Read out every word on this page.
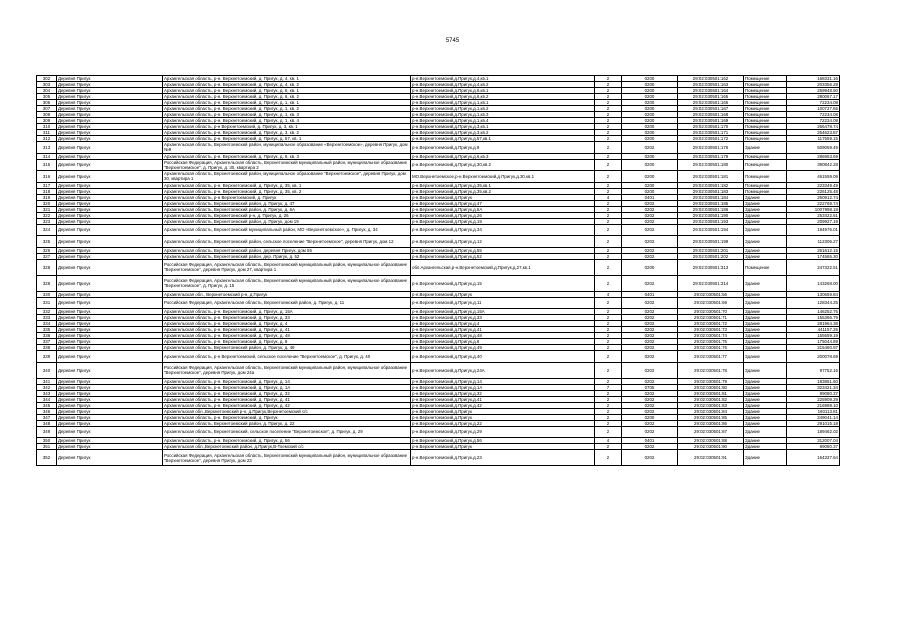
5745
302	Деревня Пригук	Архангельская область, р-н. Верхнетоемский, д. Пригук, д. 4, кв. 1	р-н.Верхнетоемский,д.Пригук,д.4,кв.1	2	0200	29:02:030501:162	Помещение	168331.16
303	Деревня Пригук	Архангельская область, р-н. Верхнетоемский, д. Пригук, д. 4, кв. 2	р-н.Верхнетоемский,д.Пригук,д.4,кв.2	2	0200	29:02:030501:163	Помещение	203356.28
304	Деревня Пригук	Архангельская область, р-н. Верхнетоемский, д. Пригук, д. 6, кв. 1	р-н.Верхнетоемский,д.Пригук,д.6,кв.1	2	0200	29:02:030501:164	Помещение	259948.50
305	Деревня Пригук	Архангельская область, р-н. Верхнетоемский, д. Пригук, д. 6, кв. 2	р-н.Верхнетоемский,д.Пригук,д.6,кв.2	2	0200	29:02:030501:165	Помещение	280067.17
306	Деревня Пригук	Архангельская область, р-н. Верхнетоемский, д. Пригук, д. 1, кв. 1	р-н.Верхнетоемский,д.Пригук,д.1,кв.1	2	0200	29:02:030501:166	Помещение	72234.08
307	Деревня Пригук	Архангельская область, р-н. Верхнетоемский, д. Пригук, д. 1, кв. 2	р-н.Верхнетоемский,д.Пригук,д.1,кв.2	2	0200	29:02:030501:167	Помещение	100727.65
308	Деревня Пригук	Архангельская область, р-н. Верхнетоемский, д. Пригук, д. 1, кв. 3	р-н.Верхнетоемский,д.Пригук,д.1,кв.3	2	0200	29:02:030501:168	Помещение	72234.08
309	Деревня Пригук	Архангельская область, р-н. Верхнетоемский, д. Пригук, д. 1, кв. 4	р-н.Верхнетоемский,д.Пригук,д.1,кв.4	2	0200	29:02:030501:169	Помещение	72234.08
310	Деревня Пригук	Архангельская область, р-н Верхнетоемский, д. Пригук, д. 3, кв. 1	р-н.Верхнетоемский,д.Пригук,д.3,кв.1	2	0200	29:02:030501:170	Помещение	266478.74
311	Деревня Пригук	Архангельская область, р-н. Верхнетоемский, д. Пригук, д. 3, кв. 2	р-н.Верхнетоемский,д.Пригук,д.3,кв.2	2	0200	29:02:030501:171	Помещение	264623.87
312	Деревня Пригук	Архангельская область, р-н. Верхнетоемский, д. Пригук, д. 57, кв. 1	р-н.Верхнетоемский,д.Пригук,д.57,кв.1	2	0200	29:02:030501:172	Помещение	117559.15
313	Деревня Пригук	Архангельская область, Верхнетоемский район, муниципальное образование «Верхнетоемское», деревня Пригук, дом №9	р-н.Верхнетоемский,д.Пригук,д.9	2	0202	29:02:030501:176	Здание	509059.49
314	Деревня Пригук	Архангельская область, р-н. Верхнетоемский, д. Пригук, д. 6, кв. 3	р-н.Верхнетоемский,д.Пригук,д.6,кв.3	2	0200	29:02:030501:179	Помещение	286953.69
315	Деревня Пригук	Российская Федерация, Архангельская область, Верхнетоемский муниципальный район, муниципальное образование "Верхнетоемское", д. Пригук, д. 30, квартира 2	р-н.Верхнетоемский,д.Пригук,д.30,кв.2	2	0200	29:02:030501:180	Помещение	390842.28
316	Деревня Пригук	Архангельская область, Верхнетоемский район, муниципальное образование "Верхнетоемское", деревня Пригук, дом 30, квартира 1	МО.Верхнетоемское,р-н.Верхнетоемский,д.Пригук,д.30,кв.1	2	0200	29:02:030501:181	Помещение	461559.09
317	Деревня Пригук	Архангельская область, р-н. Верхнетоемский, д. Пригук, д. 35, кв. 1	р-н.Верхнетоемский,д.Пригук,д.35,кв.1	2	0200	29:02:030501:182	Помещение	223349.49
318	Деревня Пригук	Архангельская область, р-н. Верхнетоемский, д. Пригук, д. 35, кв. 2	р-н.Верхнетоемский,д.Пригук,д.35,кв.2	2	0200	29:02:030501:183	Помещение	226125.48
319	Деревня Пригук	Архангельская область, р-н Верхнетоемский, д. Пригук	р-н.Верхнетоемский,д.Пригук	4	0401	29:02:030501:184	Здание	260912.74
320	Деревня Пригук	Архангельская область, Верхнетоемский район, д. Пригук, д. 47	р-н.Верхнетоемский,д.Пригук,д.47	2	0202	29:02:030501:185	Здание	222769.74
321	Деревня Пригук	Архангельская область, Верхнетоемский район, д. Пригук, д. 6А	р-н.Верхнетоемский,д.Пригук,д.6А	2	0202	29:02:030501:186	Здание	1007998.18
322	Деревня Пригук	Архангельская область, Верхнетоемский р-н, д. Пригук, д. 26	р-н.Верхнетоемский,д.Пригук,д.26	2	0202	29:02:030501:190	Здание	253422.61
323	Деревня Пригук	Архангельская область, Верхнетоемский район, д. Пригук, дом 19	р-н.Верхнетоемский,д.Пригук,д.19	2	0202	29:02:030501:193	Здание	209927.19
324	Деревня Пригук	Архангельская область, Верхнетоемский муниципальный район, МО «Верхнетоемское», д. Пригук, д. 34	р-н.Верхнетоемский,д.Пригук,д.34	2	0202	29:02:030501:194	Здание	194976.01
325	Деревня Пригук	Архангельская область, Верхнетоемский район, сельское поселение "Верхнетоемское", деревня Пригук, дом 12	р-н.Верхнетоемский,д.Пригук,д.12	2	0202	29:02:030501:199	Здание	112306.27
326	Деревня Пригук	Архангельская область, Верхнетоемский район, деревня Пригук, дом 55	р-н.Верхнетоемский,д.Пригук,д.55	2	0202	29:02:030501:201	Здание	261612.15
327	Деревня Пригук	Архангельская область, Верхнетоемский район, дер. Пригук, д. 52	р-н.Верхнетоемский,д.Пригук,д.52	2	0202	29:02:030501:202	Здание	174565.30
328	Деревня Пригук	Российская Федерация, Архангельская область, Верхнетоемский муниципальный район, муниципальное образование "Верхнетоемское", деревня Пригук, дом 27, квартира 1	обл.Архангельская,р-н.Верхнетоемский,д.Пригук,д.27,кв.1	2	0200	29:02:030501:313	Помещение	247322.51
329	Деревня Пригук	Российская Федерация, Архангельская область, Верхнетоемский муниципальный район, муниципальное образование "Верхнетоемское", д. Пригук, д. 15	р-н.Верхнетоемский,д.Пригук,д.15	2	0202	29:02:030501:314	Здание	143268.00
330	Деревня Пригук	Архангельская обл., Верхнетоемский р-н, д.Пригук	р-н.Верхнетоемский,д.Пригук	4	0401	29:02:030501:56	Здание	130659.84
331	Деревня Пригук	Российская Федерация, Архангельская область, Верхнетоемский район, д. Пригук, д. 11	р-н.Верхнетоемский,д.Пригук,д.11	2	0202	29:02:030501:69	Здание	128344.25
332	Деревня Пригук	Архангельская область, р-н. Верхнетоемский, д. Пригук, д. 15А	р-н.Верхнетоемский,д.Пригук,д.15А	2	0202	29:02:030501:70	Здание	146252.75
333	Деревня Пригук	Архангельская область, р-н. Верхнетоемский, д. Пригук, д. 33	р-н.Верхнетоемский,д.Пригук,д.33	2	0202	29:02:030501:71	Здание	155366.79
334	Деревня Пригук	Архангельская область, р-н. Верхнетоемский, д. Пригук, д. 4	р-н.Верхнетоемский,д.Пригук,д.4	2	0202	29:02:030501:72	Здание	281964.38
335	Деревня Пригук	Архангельская область, р-н. Верхнетоемский, д. Пригук, д. 41	р-н.Верхнетоемский,д.Пригук,д.41	2	0202	29:02:030501:73	Здание	441157.25
336	Деревня Пригук	Архангельская область, р-н. Верхнетоемский, д. Пригук, д. 48	р-н.Верхнетоемский,д.Пригук,д.48	2	0202	29:02:030501:74	Здание	155659.19
337	Деревня Пригук	Архангельская область, р-н. Верхнетоемский, д. Пригук, д. 8	р-н.Верхнетоемский,д.Пригук,д.8	2	0202	29:02:030501:75	Здание	175044.89
338	Деревня Пригук	Архангельская область, Верхнетоемский район, д. Пригук, д. 49	р-н.Верхнетоемский,д.Пригук,д.49	2	0202	29:02:030501:76	Здание	215460.97
339	Деревня Пригук	Архангельская область, р-н Верхнетоемский, сельское поселение "Верхнетоемское", д. Пригук, д. 40	р-н.Верхнетоемский,д.Пригук,д.40	2	0202	29:02:030501:77	Здание	200078.69
340	Деревня Пригук	Российская Федерация, Архангельская область, Верхнетоемский муниципальный район, муниципальное образование "Верхнетоемское", деревня Пригук, дом 24а	р-н.Верхнетоемский,д.Пригук,д.24А	2	0202	29:02:030501:78	Здание	97752.16
341	Деревня Пригук	Архангельская область, р-н. Верхнетоемский, д. Пригук, д. 14	р-н.Верхнетоемский,д.Пригук,д.14	2	0202	29:02:030501:79	Здание	183851.60
342	Деревня Пригук	Архангельская область, р-н. Верхнетоемский, д. Пригук, д. 1А	р-н.Верхнетоемский,д.Пригук,д.1А	7	0705	29:02:030501:80	Здание	323421.34
343	Деревня Пригук	Архангельская область, р-н. Верхнетоемский, д. Пригук, д. 32	р-н.Верхнетоемский,д.Пригук,д.32	2	0202	29:02:030501:81	Здание	89080.37
344	Деревня Пригук	Архангельская область, р-н. Верхнетоемский, д. Пригук, д. 41	р-н.Верхнетоемский,д.Пригук,д.41	2	0202	29:02:030501:82	Здание	225909.29
345	Деревня Пригук	Архангельская область, р-н. Верхнетоемский, д. Пригук, д. 42	р-н.Верхнетоемский,д.Пригук,д.42	2	0202	29:02:030501:83	Здание	216998.10
346	Деревня Пригук	Архангельская обл.,Верхнетоемский р-н, д.Пригук,Верхнетоемский с/с	р-н.Верхнетоемский,д.Пригук	2	0202	29:02:030501:84	Здание	160113.81
347	Деревня Пригук	Архангельская область, р-н. Верхнетоемский, д. Пригук	р-н.Верхнетоемский,д.Пригук	2	0200	29:02:030501:85	Здание	249041.14
348	Деревня Пригук	Архангельская область, Верхнетоемский район, д. Пригук, д. 22	р-н.Верхнетоемский,д.Пригук,д.22	2	0202	29:02:030501:86	Здание	291015.18
349	Деревня Пригук	Архангельская область, Верхнетоемский, сельское поселение "Верхнетоемское", д. Пригук, д. 29	р-н.Верхнетоемский,д.Пригук,д.29	2	0202	29:02:030501:87	Здание	189462.02
350	Деревня Пригук	Архангельская область, р-н. Верхнетоемский, д. Пригук, д. 56	р-н.Верхнетоемский,д.Пригук,д.56	4	0401	29:02:030501:88	Здание	312007.04
351	Деревня Пригук	Архангельская обл.,Верхнетоемский район, д.Пригук,В-Тоемский с/с	р-н.Верхнетоемский,д.Пригук	2	0202	29:02:030501:90	Здание	89080.37
352	Деревня Пригук	Российская Федерация, Архангельская область, Верхнетоемский муниципальный район, муниципальное образование "Верхнетоемское", деревня Пригук, дом 23	р-н.Верхнетоемский,д.Пригук,д.23	2	0202	29:02:030501:91	Здание	164327.64
